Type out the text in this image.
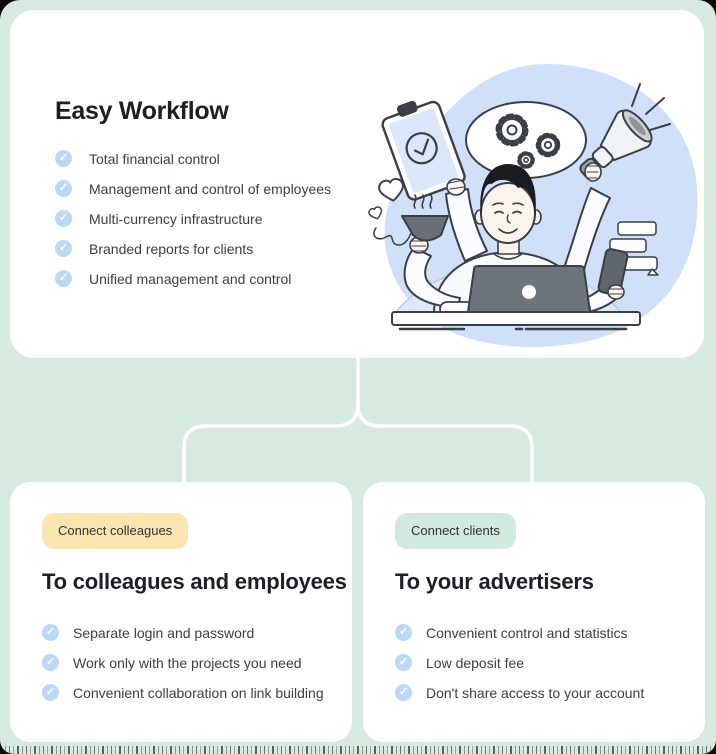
Easy Workflow
✓ Total financial control
✓ Management and control of employees
✓ Multi-currency infrastructure
✓ Branded reports for clients
✓ Unified management and control
Connect colleagues
To colleagues and employees
✓ Separate login and password
✓ Work only with the projects you need
✓ Convenient collaboration on link building
Connect clients
To your advertisers
✓ Convenient control and statistics
✓ Low deposit fee
✓ Don't share access to your account
